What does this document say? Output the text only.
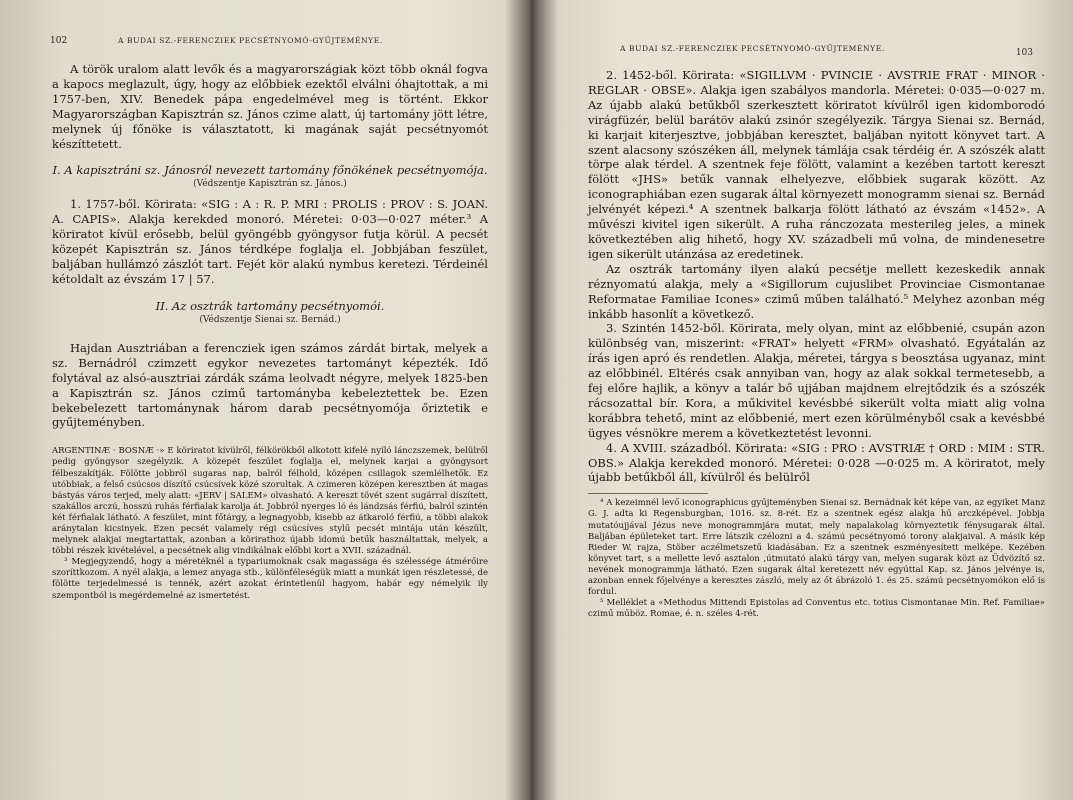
102	A BUDAI SZ.-FERENCZIEK PECSÉTNYOMÓ-GYŰJTEMÉNYE.

A török uralom alatt levők és a magyarországiak közt több oknál fogva a kapocs meglazult, úgy, hogy az előbbiek ezektől elválni óhajtottak, a mi 1757-ben, XIV. Benedek pápa engedelmével meg is történt. Ekkor Magyarországban Kapisztrán sz. János czime alatt, új tartomány jött létre, melynek új főnöke is választatott, ki magának saját pecsétnyomót készíttetett.

I. A kapisztráni sz. Jánosról nevezett tartomány főnökének pecsétnyomója.
(Védszentje Kapisztrán sz. János.)

1. 1757-ből. Körirata: «SIG : A : R. P. MRI : PROLIS : PROV : S. JOAN. A. CAPIS». Alakja kerekded monoró. Méretei: 0·03—0·027 méter.³ A köriratot kívül erősebb, belül gyöngébb gyöngysor futja körül. A pecsét közepét Kapisztrán sz. János térdképe foglalja el. Jobbjában feszület, baljában hullámzó zászlót tart. Fejét kör alakú nymbus keretezi. Térdeinél kétoldalt az évszám 17 | 57.

II. Az osztrák tartomány pecsétnyomói.
(Védszentje Sienai sz. Bernád.)

Hajdan Ausztriában a ferencziek igen számos zárdát birtak, melyek a sz. Bernádról czimzett egykor nevezetes tartományt képezték. Idő folytával az alsó-ausztriai zárdák száma leolvadt négyre, melyek 1825-ben a Kapisztrán sz. János czimű tartományba kebeleztettek be. Ezen bekebelezett tartománynak három darab pecsétnyomója őriztetik e gyűjteményben.

ARGENTINÆ · BOSNÆ ·» E köriratot kívülről, félkörökből alkotott kifelé nyíló lánczszemek, belülről pedig gyöngysor szegélyzik. A közepét feszület foglalja el, melynek karjai a gyöngysort félbeszakítják. Fölötte jobbról sugaras nap, balról félhold, középen csillagok szemlélhetők. Ez utóbbiak, a felső csúcsos díszítő csúcsívek közé szorultak. A czimeren középen keresztben át magas bástyás város terjed, mely alatt: «JERV | SALEM» olvasható. A kereszt tövét szent sugárral díszített, szakállos arczú, hosszú ruhás férfialak karolja át. Jobbról nyerges ló és lándzsás férfiú, balról szintén két férfialak látható. A feszület, mint főtárgy, a legnagyobb, kisebb az átkaroló férfiú, a többi alakok aránytalan kicsinyek. Ezen pecsét valamely régi csúcsíves stylű pecsét mintája után készült, melynek alakjai megtartattak, azonban a körirathoz újabb idomú betűk használtattak, melyek, a többi részek kivételével, a pecsétnek alig vindikálnak előbbi kort a XVII. századnál.

³ Megjegyzendő, hogy a méretéknél a typariumoknak csak magassága és szélessége átmérőire szoríttkozom. A nyél alakja, a lemez anyaga stb., különféleségük miatt a munkát igen részletessé, de fölötte terjedelmessé is tennék, azért azokat érintetlenül hagyom, habár egy némelyik ily szempontból is megérdemelné az ismertetést.

A BUDAI SZ.-FERENCZIEK PECSÉTNYOMÓ-GYŰJTEMÉNYE.	103

2. 1452-ből. Körirata: «SIGILLVM · PVINCIE · AVSTRIE FRAT · MINOR · REGLAR · OBSE». Alakja igen szabályos mandorla. Méretei: 0·035—0·027 m. Az újabb alakú betűkből szerkesztett köriratot kívülről igen kidomborodó virágfüzér, belül barátöv alakú zsinór szegélyezik. Tárgya Sienai sz. Bernád, ki karjait kiterjesztve, jobbjában keresztet, baljában nyitott könyvet tart. A szent alacsony szószéken áll, melynek támlája csak térdéig ér. A szószék alatt törpe alak térdel. A szentnek feje fölött, valamint a kezében tartott kereszt fölött «JHS» betűk vannak elhelyezve, előbbiek sugarak között. Az iconographiában ezen sugarak által környezett monogramm sienai sz. Bernád jelvényét képezi.⁴ A szentnek balkarja fölött látható az évszám «1452». A művészi kivitel igen sikerült. A ruha ránczozata mesterileg jeles, a minek következtében alig hihető, hogy XV. századbeli mű volna, de mindenesetre igen sikerült utánzása az eredetinek.

Az osztrák tartomány ilyen alakú pecsétje mellett kezeskedik annak réznyomatú alakja, mely a «Sigillorum cujuslibet Provinciae Cismontanae Reformatae Familiae Icones» czimű műben található.⁵ Melyhez azonban még inkább hasonlít a következő.

3. Szintén 1452-ből. Körirata, mely olyan, mint az előbbenié, csupán azon különbség van, miszerint: «FRAT» helyett «FRM» olvasható. Egyátalán az írás igen apró és rendetlen. Alakja, méretei, tárgya s beosztása ugyanaz, mint az előbbinél. Eltérés csak annyiban van, hogy az alak sokkal termetesebb, a fej előre hajlik, a könyv a talár bő ujjában majdnem elrejtődzik és a szószék rácsozattal bír. Kora, a műkivitel kevésbbé sikerült volta miatt alig volna korábbra tehető, mint az előbbenié, mert ezen körülményből csak a kevésbbé ügyes vésnökre merem a következtetést levonni.

4. A XVIII. századból. Körirata: «SIG : PRO : AVSTRIÆ † ORD : MIM : STR. OBS.» Alakja kerekded monoró. Méretei: 0·028 —0·025 m. A köriratot, mely újabb betűkből áll, kívülről és belülről

⁴ A kezeimnél levő iconographicus gyűjteményben Sienai sz. Bernádnak két képe van, az egyiket Manz G. J. adta ki Regensburgban, 1016. sz. 8-rét. Ez a szentnek egész alakja hű arczképével. Jobbja mutatóujjával Jézus neve monogrammjára mutat, mely napalakolag környeztetik fénysugarak által. Baljában épületeket tart. Erre látszik czélozni a 4. számú pecsétnyomó torony alakjaival. A másik kép Rieder W. rajza, Stöber aczélmetszetű kiadásában. Ez a szentnek eszményesített melképe. Kezében könyvet tart, s a mellette levő asztalon ,útmutató alakú tárgy van, melyen sugarak közt az Üdvözítő sz. nevének monogrammja látható. Ezen sugarak által keretezett név egyúttal Kap. sz. János jelvénye is, azonban ennek főjelvénye a keresztes zászló, mely az őt ábrázoló 1. és 25. számú pecsétnyomókon elő is fordul.

⁵ Melléklet a «Methodus Mittendi Epistolas ad Conventus etc. totius Cismontanae Min. Ref. Familiae» czimű műböz. Romae, é. n. széles 4-rét.
